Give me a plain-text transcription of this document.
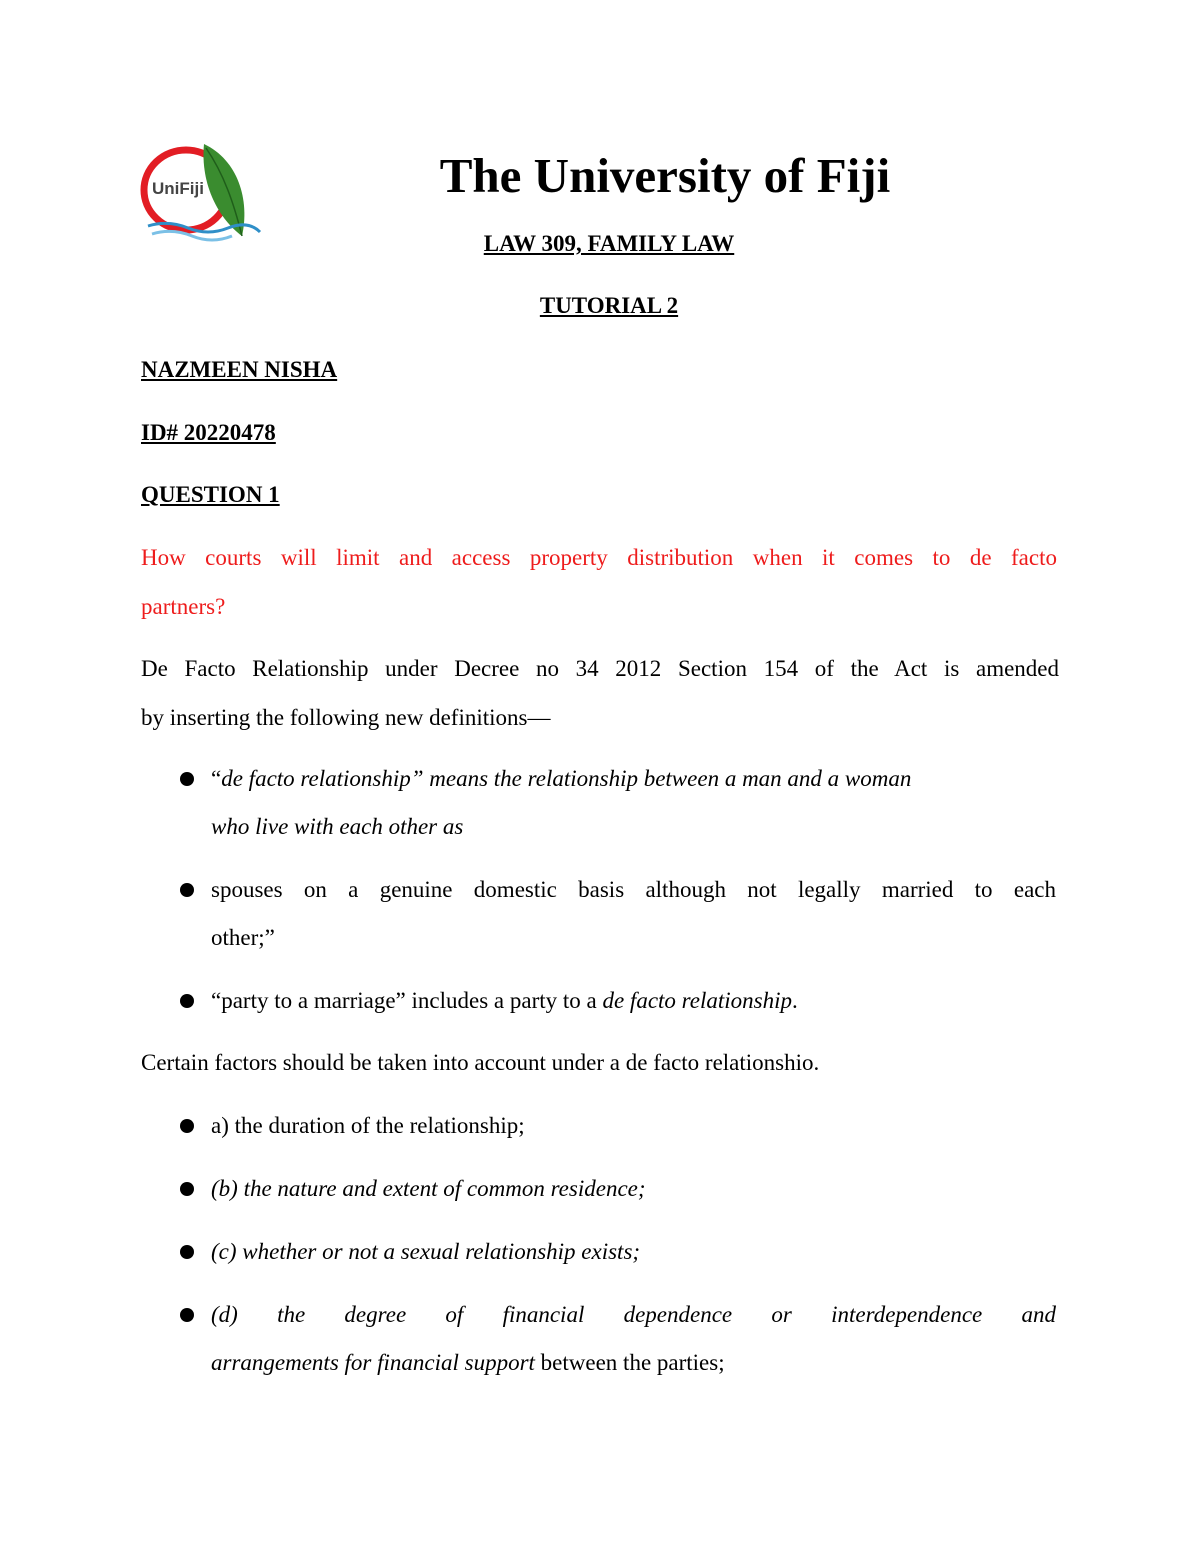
UniFiji	The University of Fiji
LAW 309, FAMILY LAW
TUTORIAL 2
NAZMEEN NISHA
ID# 20220478
QUESTION 1
How courts will limit and access property distribution when it comes to de facto
partners?
De Facto Relationship under Decree no 34 2012 Section 154 of the Act is amended
by inserting the following new definitions—
“de facto relationship” means the relationship between a man and a woman
who live with each other as
spouses on a genuine domestic basis although not legally married to each
other;”
“party to a marriage” includes a party to a de facto relationship.
Certain factors should be taken into account under a de facto relationshio.
a) the duration of the relationship;
(b) the nature and extent of common residence;
(c) whether or not a sexual relationship exists;
(d) the degree of financial dependence or interdependence and
arrangements for financial support between the parties;
